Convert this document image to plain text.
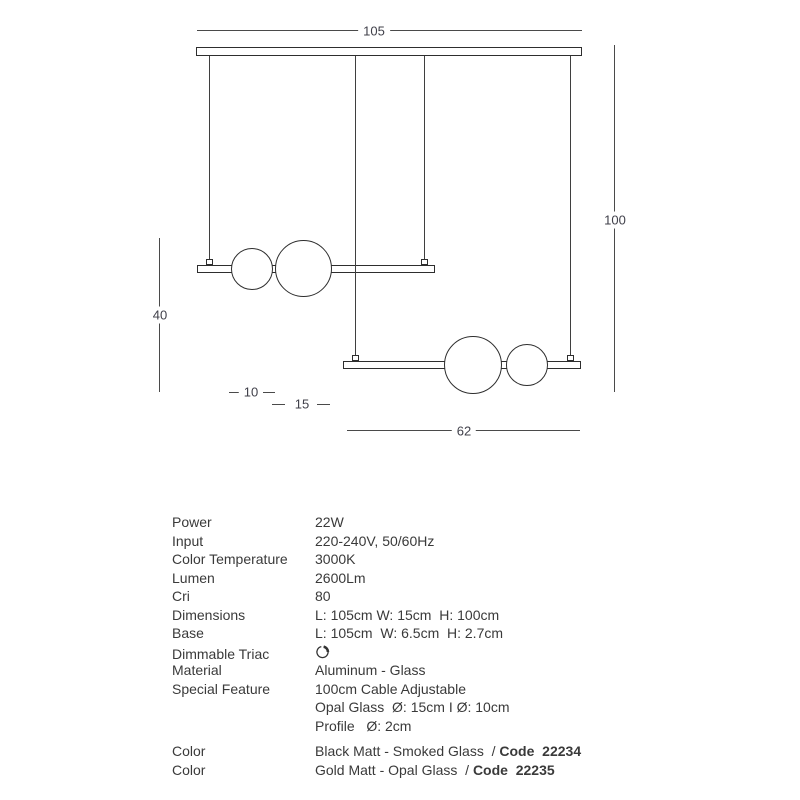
105
40
100
10
15
62
Power	22W
Input	220-240V, 50/60Hz
Color Temperature	3000K
Lumen	2600Lm
Cri	80
Dimensions	L: 105cm W: 15cm  H: 100cm
Base	L: 105cm  W: 6.5cm  H: 2.7cm
Dimmable Triac
Material	Aluminum - Glass
Special Feature	100cm Cable Adjustable
Opal Glass  Ø: 15cm I Ø: 10cm
Profile   Ø: 2cm
Color	Black Matt - Smoked Glass  / Code  22234
Color	Gold Matt - Opal Glass  / Code  22235
